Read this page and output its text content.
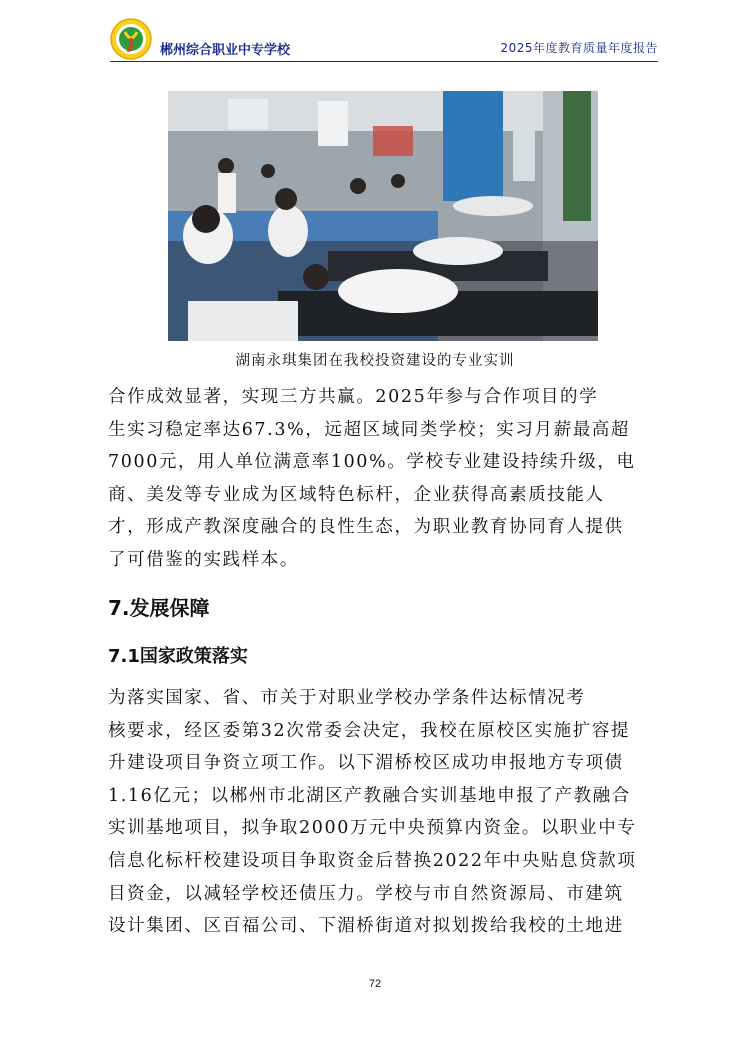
郴州综合职业中专学校	2025年度教育质量年度报告
湖南永琪集团在我校投资建设的专业实训
合作成效显著，实现三方共赢。2025年参与合作项目的学
生实习稳定率达67.3%，远超区域同类学校；实习月薪最高超
7000元，用人单位满意率100%。学校专业建设持续升级，电
商、美发等专业成为区域特色标杆，企业获得高素质技能人
才，形成产教深度融合的良性生态，为职业教育协同育人提供
了可借鉴的实践样本。
7.发展保障
7.1国家政策落实
为落实国家、省、市关于对职业学校办学条件达标情况考
核要求，经区委第32次常委会决定，我校在原校区实施扩容提
升建设项目争资立项工作。以下湄桥校区成功申报地方专项债
1.16亿元；以郴州市北湖区产教融合实训基地申报了产教融合
实训基地项目，拟争取2000万元中央预算内资金。以职业中专
信息化标杆校建设项目争取资金后替换2022年中央贴息贷款项
目资金，以减轻学校还债压力。学校与市自然资源局、市建筑
设计集团、区百福公司、下湄桥街道对拟划拨给我校的土地进
72
